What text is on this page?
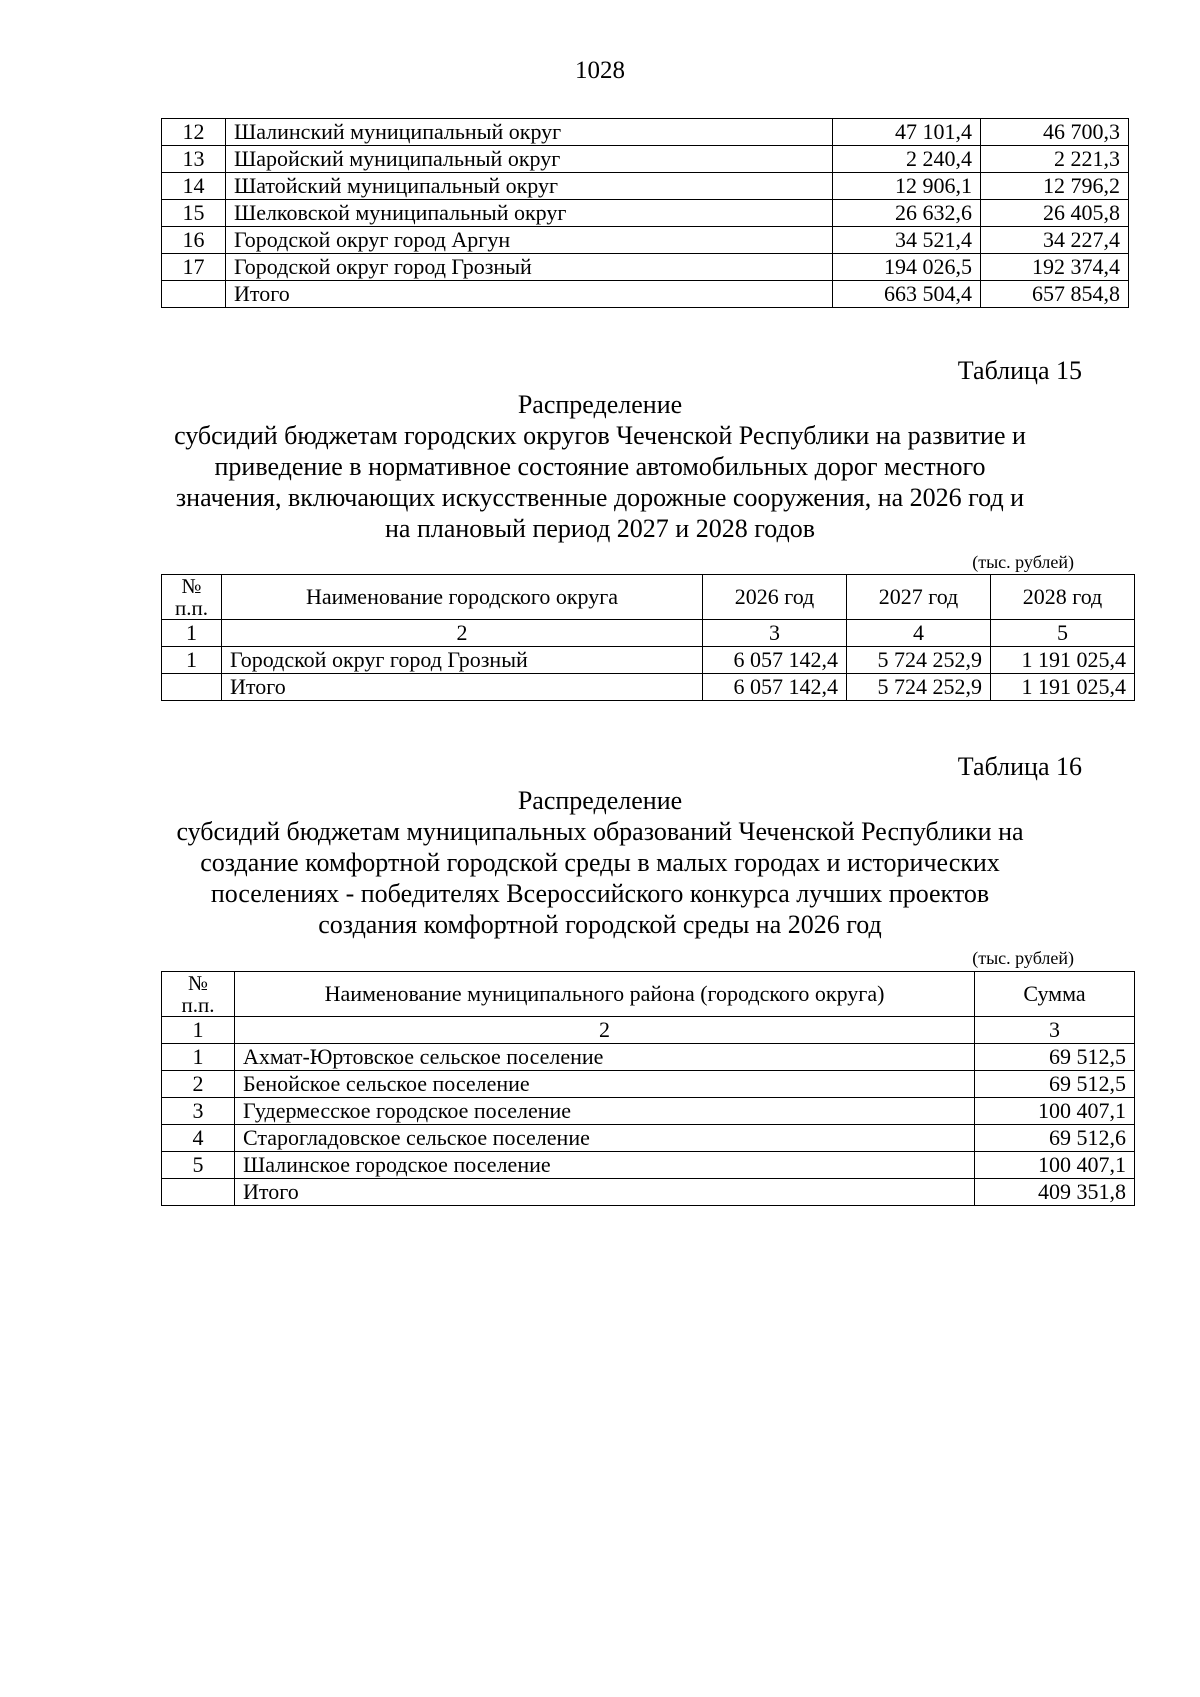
1028
12	Шалинский муниципальный округ	47 101,4	46 700,3
13	Шаройский муниципальный округ	2 240,4	2 221,3
14	Шатойский муниципальный округ	12 906,1	12 796,2
15	Шелковской муниципальный округ	26 632,6	26 405,8
16	Городской округ город Аргун	34 521,4	34 227,4
17	Городской округ город Грозный	194 026,5	192 374,4
	Итого	663 504,4	657 854,8
Таблица 15
Распределение
субсидий бюджетам городских округов Чеченской Республики на развитие и
приведение в нормативное состояние автомобильных дорог местного
значения, включающих искусственные дорожные сооружения, на 2026 год и
на плановый период 2027 и 2028 годов
(тыс. рублей)
№
п.п.	Наименование городского округа	2026 год	2027 год	2028 год
1	2	3	4	5
1	Городской округ город Грозный	6 057 142,4	5 724 252,9	1 191 025,4
	Итого	6 057 142,4	5 724 252,9	1 191 025,4
Таблица 16
Распределение
субсидий бюджетам муниципальных образований Чеченской Республики на
создание комфортной городской среды в малых городах и исторических
поселениях - победителях Всероссийского конкурса лучших проектов
создания комфортной городской среды на 2026 год
(тыс. рублей)
№
п.п.	Наименование муниципального района (городского округа)	Сумма
1	2	3
1	Ахмат-Юртовское сельское поселение	69 512,5
2	Бенойское сельское поселение	69 512,5
3	Гудермесское городское поселение	100 407,1
4	Старогладовское сельское поселение	69 512,6
5	Шалинское городское поселение	100 407,1
	Итого	409 351,8
